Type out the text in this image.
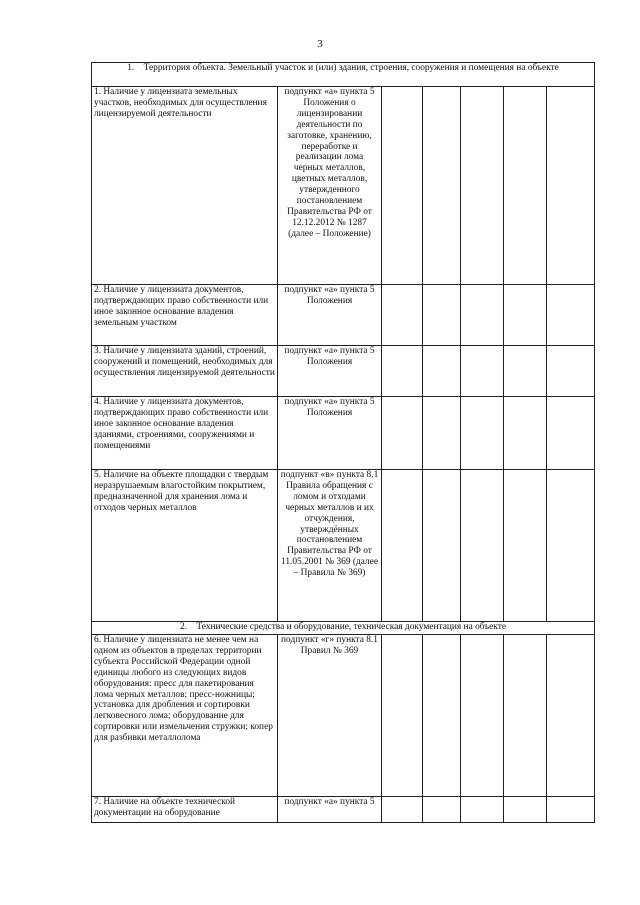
3
1.    Территория объекта. Земельный участок и (или) здания, строения, сооружения и помещения на объекте						
1. Наличие у лицензиата земельных участков, необходимых для осуществления лицензируемой деятельности	подпункт «а» пункта 5 Положения о лицензировании деятельности по заготовке, хранению, переработке и реализации лома черных металлов, цветных металлов, утвержденного постановлением Правительства РФ от 12.12.2012 № 1287 (далее – Положение)					
2. Наличие у лицензиата документов, подтверждающих право собственности или иное законное основание владения земельным участком	подпункт «а» пункта 5 Положения					
3. Наличие у лицензиата зданий, строений, сооружений и помещений, необходимых для осуществления лицензируемой деятельности	подпункт «а» пункта 5 Положения					
4. Наличие у лицензиата документов, подтверждающих право собственности или иное законное основание владения зданиями, строениями, сооружениями и помещениями	подпункт «а» пункта 5 Положения					
5. Наличие на объекте площадки с твердым неразрушаемым влагостойким покрытием, предназначенной для хранения лома и отходов черных металлов	подпункт «в» пункта 8.1 Правила обращения с ломом и отходами черных металлов и их отчуждения, утверждённых постановлением Правительства РФ от 11.05.2001 № 369 (далее – Правила № 369)					
2.    Технические средства и оборудование, техническая документация на объекте						
6. Наличие у лицензиата не менее чем на одном из объектов в пределах территории субъекта Российской Федерации одной единицы любого из следующих видов оборудования: пресс для пакетирования лома черных металлов; пресс-ножницы; установка для дробления и сортировки легковесного лома; оборудование для сортировки или измельчения стружки; копер для разбивки металлолома	подпункт «г» пункта 8.1 Правил № 369					
7. Наличие на объекте технической документации на оборудование	подпункт «а» пункта 5					
